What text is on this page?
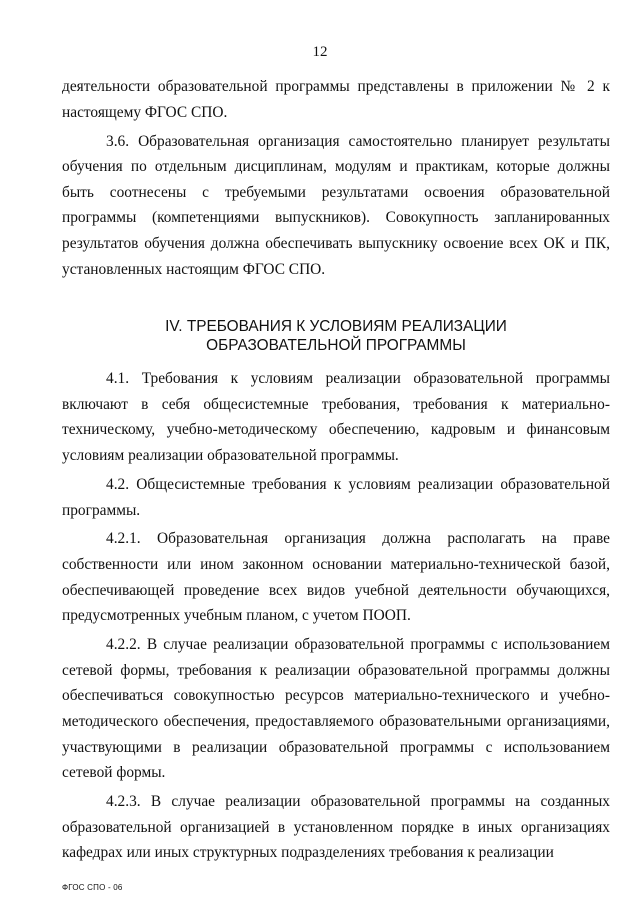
12

деятельности образовательной программы представлены в приложении № 2 к настоящему ФГОС СПО.

3.6. Образовательная организация самостоятельно планирует результаты обучения по отдельным дисциплинам, модулям и практикам, которые должны быть соотнесены с требуемыми результатами освоения образовательной программы (компетенциями выпускников). Совокупность запланированных результатов обучения должна обеспечивать выпускнику освоение всех ОК и ПК, установленных настоящим ФГОС СПО.

IV. ТРЕБОВАНИЯ К УСЛОВИЯМ РЕАЛИЗАЦИИ ОБРАЗОВАТЕЛЬНОЙ ПРОГРАММЫ

4.1. Требования к условиям реализации образовательной программы включают в себя общесистемные требования, требования к материально-техническому, учебно-методическому обеспечению, кадровым и финансовым условиям реализации образовательной программы.

4.2. Общесистемные требования к условиям реализации образовательной программы.

4.2.1. Образовательная организация должна располагать на праве собственности или ином законном основании материально-технической базой, обеспечивающей проведение всех видов учебной деятельности обучающихся, предусмотренных учебным планом, с учетом ПООП.

4.2.2. В случае реализации образовательной программы с использованием сетевой формы, требования к реализации образовательной программы должны обеспечиваться совокупностью ресурсов материально-технического и учебно-методического обеспечения, предоставляемого образовательными организациями, участвующими в реализации образовательной программы с использованием сетевой формы.

4.2.3. В случае реализации образовательной программы на созданных образовательной организацией в установленном порядке в иных организациях кафедрах или иных структурных подразделениях требования к реализации

ФГОС СПО - 06
